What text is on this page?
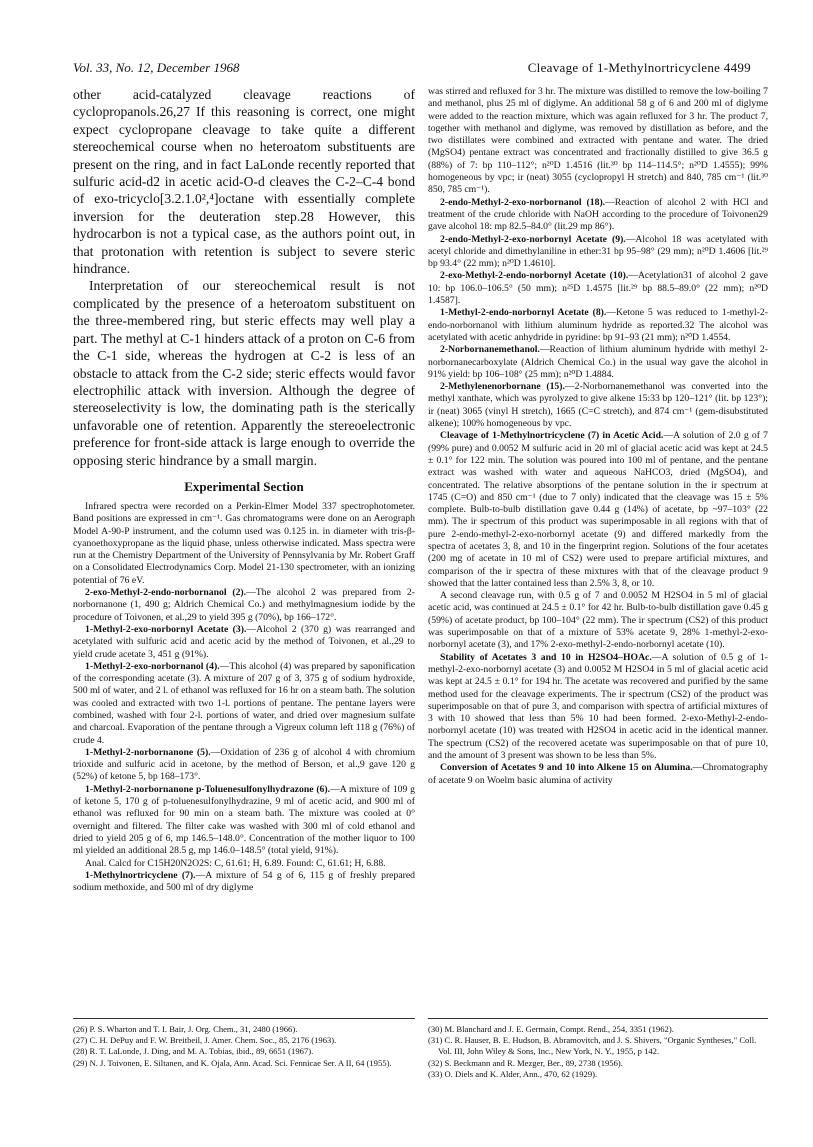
Vol. 33, No. 12, December 1968	Cleavage of 1-Methylnortricyclene 4499

other acid-catalyzed cleavage reactions of cyclopropanols.26,27 If this reasoning is correct, one might expect cyclopropane cleavage to take quite a different stereochemical course when no heteroatom substituents are present on the ring, and in fact LaLonde recently reported that sulfuric acid-d2 in acetic acid-O-d cleaves the C-2–C-4 bond of exo-tricyclo[3.2.1.0²,⁴]octane with essentially complete inversion for the deuteration step.28 However, this hydrocarbon is not a typical case, as the authors point out, in that protonation with retention is subject to severe steric hindrance.

Interpretation of our stereochemical result is not complicated by the presence of a heteroatom substituent on the three-membered ring, but steric effects may well play a part. The methyl at C-1 hinders attack of a proton on C-6 from the C-1 side, whereas the hydrogen at C-2 is less of an obstacle to attack from the C-2 side; steric effects would favor electrophilic attack with inversion. Although the degree of stereoselectivity is low, the dominating path is the sterically unfavorable one of retention. Apparently the stereoelectronic preference for front-side attack is large enough to override the opposing steric hindrance by a small margin.

Experimental Section

Infrared spectra were recorded on a Perkin-Elmer Model 337 spectrophotometer. Band positions are expressed in cm⁻¹. Gas chromatograms were done on an Aerograph Model A-90-P instrument, and the column used was 0.125 in. in diameter with tris-β-cyanoethoxypropane as the liquid phase, unless otherwise indicated. Mass spectra were run at the Chemistry Department of the University of Pennsylvania by Mr. Robert Graff on a Consolidated Electrodynamics Corp. Model 21-130 spectrometer, with an ionizing potential of 76 eV.

2-exo-Methyl-2-endo-norbornanol (2).—The alcohol 2 was prepared from 2-norbornanone (1, 490 g; Aldrich Chemical Co.) and methylmagnesium iodide by the procedure of Toivonen, et al.,29 to yield 395 g (70%), bp 166–172°.

1-Methyl-2-exo-norbornyl Acetate (3).—Alcohol 2 (370 g) was rearranged and acetylated with sulfuric acid and acetic acid by the method of Toivonen, et al.,29 to yield crude acetate 3, 451 g (91%).

1-Methyl-2-exo-norbornanol (4).—This alcohol (4) was prepared by saponification of the corresponding acetate (3). A mixture of 207 g of 3, 375 g of sodium hydroxide, 500 ml of water, and 2 l. of ethanol was refluxed for 16 hr on a steam bath. The solution was cooled and extracted with two 1-l. portions of pentane. The pentane layers were combined, washed with four 2-l. portions of water, and dried over magnesium sulfate and charcoal. Evaporation of the pentane through a Vigreux column left 118 g (76%) of crude 4.

1-Methyl-2-norbornanone (5).—Oxidation of 236 g of alcohol 4 with chromium trioxide and sulfuric acid in acetone, by the method of Berson, et al.,9 gave 120 g (52%) of ketone 5, bp 168–173°.

1-Methyl-2-norbornanone p-Toluenesulfonylhydrazone (6).—A mixture of 109 g of ketone 5, 170 g of p-toluenesulfonylhydrazine, 9 ml of acetic acid, and 900 ml of ethanol was refluxed for 90 min on a steam bath. The mixture was cooled at 0° overnight and filtered. The filter cake was washed with 300 ml of cold ethanol and dried to yield 205 g of 6, mp 146.5–148.0°. Concentration of the mother liquor to 100 ml yielded an additional 28.5 g, mp 146.0–148.5° (total yield, 91%).

Anal. Calcd for C15H20N2O2S: C, 61.61; H, 6.89. Found: C, 61.61; H, 6.88.

1-Methylnortricyclene (7).—A mixture of 54 g of 6, 115 g of freshly prepared sodium methoxide, and 500 ml of dry diglyme

was stirred and refluxed for 3 hr. The mixture was distilled to remove the low-boiling 7 and methanol, plus 25 ml of diglyme. An additional 58 g of 6 and 200 ml of diglyme were added to the reaction mixture, which was again refluxed for 3 hr. The product 7, together with methanol and diglyme, was removed by distillation as before, and the two distillates were combined and extracted with pentane and water. The dried (MgSO4) pentane extract was concentrated and fractionally distilled to give 36.5 g (88%) of 7: bp 110–112°; n²⁰D 1.4516 (lit.³⁰ bp 114–114.5°; n²⁰D 1.4555); 99% homogeneous by vpc; ir (neat) 3055 (cyclopropyl H stretch) and 840, 785 cm⁻¹ (lit.³⁰ 850, 785 cm⁻¹).

2-endo-Methyl-2-exo-norbornanol (18).—Reaction of alcohol 2 with HCl and treatment of the crude chloride with NaOH according to the procedure of Toivonen29 gave alcohol 18: mp 82.5–84.0° (lit.29 mp 86°).

2-endo-Methyl-2-exo-norbornyl Acetate (9).—Alcohol 18 was acetylated with acetyl chloride and dimethylaniline in ether:31 bp 95–98° (29 mm); n²⁰D 1.4606 [lit.²⁹ bp 93.4° (22 mm); n²⁰D 1.4610].

2-exo-Methyl-2-endo-norbornyl Acetate (10).—Acetylation31 of alcohol 2 gave 10: bp 106.0–106.5° (50 mm); n²⁵D 1.4575 [lit.²⁹ bp 88.5–89.0° (22 mm); n²⁰D 1.4587].

1-Methyl-2-endo-norbornyl Acetate (8).—Ketone 5 was reduced to 1-methyl-2-endo-norbornanol with lithium aluminum hydride as reported.32 The alcohol was acetylated with acetic anhydride in pyridine: bp 91–93 (21 mm); n²⁰D 1.4554.

2-Norbornanemethanol.—Reaction of lithium aluminum hydride with methyl 2-norbornanecarboxylate (Aldrich Chemical Co.) in the usual way gave the alcohol in 91% yield: bp 106–108° (25 mm); n²⁰D 1.4884.

2-Methylenenorbornane (15).—2-Norbornanemethanol was converted into the methyl xanthate, which was pyrolyzed to give alkene 15:33 bp 120–121° (lit. bp 123°); ir (neat) 3065 (vinyl H stretch), 1665 (C=C stretch), and 874 cm⁻¹ (gem-disubstituted alkene); 100% homogeneous by vpc.

Cleavage of 1-Methylnortricyclene (7) in Acetic Acid.—A solution of 2.0 g of 7 (99% pure) and 0.0052 M sulfuric acid in 20 ml of glacial acetic acid was kept at 24.5 ± 0.1° for 122 min. The solution was poured into 100 ml of pentane, and the pentane extract was washed with water and aqueous NaHCO3, dried (MgSO4), and concentrated. The relative absorptions of the pentane solution in the ir spectrum at 1745 (C=O) and 850 cm⁻¹ (due to 7 only) indicated that the cleavage was 15 ± 5% complete. Bulb-to-bulb distillation gave 0.44 g (14%) of acetate, bp ~97–103° (22 mm). The ir spectrum of this product was superimposable in all regions with that of pure 2-endo-methyl-2-exo-norbornyl acetate (9) and differed markedly from the spectra of acetates 3, 8, and 10 in the fingerprint region. Solutions of the four acetates (200 mg of acetate in 10 ml of CS2) were used to prepare artificial mixtures, and comparison of the ir spectra of these mixtures with that of the cleavage product 9 showed that the latter contained less than 2.5% 3, 8, or 10.

A second cleavage run, with 0.5 g of 7 and 0.0052 M H2SO4 in 5 ml of glacial acetic acid, was continued at 24.5 ± 0.1° for 42 hr. Bulb-to-bulb distillation gave 0.45 g (59%) of acetate product, bp 100–104° (22 mm). The ir spectrum (CS2) of this product was superimposable on that of a mixture of 53% acetate 9, 28% 1-methyl-2-exo-norbornyl acetate (3), and 17% 2-exo-methyl-2-endo-norbornyl acetate (10).

Stability of Acetates 3 and 10 in H2SO4–HOAc.—A solution of 0.5 g of 1-methyl-2-exo-norbornyl acetate (3) and 0.0052 M H2SO4 in 5 ml of glacial acetic acid was kept at 24.5 ± 0.1° for 194 hr. The acetate was recovered and purified by the same method used for the cleavage experiments. The ir spectrum (CS2) of the product was superimposable on that of pure 3, and comparison with spectra of artificial mixtures of 3 with 10 showed that less than 5% 10 had been formed. 2-exo-Methyl-2-endo-norbornyl acetate (10) was treated with H2SO4 in acetic acid in the identical manner. The spectrum (CS2) of the recovered acetate was superimposable on that of pure 10, and the amount of 3 present was shown to be less than 5%.

Conversion of Acetates 9 and 10 into Alkene 15 on Alumina.—Chromatography of acetate 9 on Woelm basic alumina of activity

(26) P. S. Wharton and T. I. Bair, J. Org. Chem., 31, 2480 (1966).

(27) C. H. DePuy and F. W. Breitbeil, J. Amer. Chem. Soc., 85, 2176 (1963).

(28) R. T. LaLonde, J. Ding, and M. A. Tobias, ibid., 89, 6651 (1967).

(29) N. J. Toivonen, E. Siltanen, and K. Ojala, Ann. Acad. Sci. Fennicae Ser. A II, 64 (1955).

(30) M. Blanchard and J. E. Germain, Compt. Rend., 254, 3351 (1962).

(31) C. R. Hauser, B. E. Hudson, B. Abramovitch, and J. S. Shivers, "Organic Syntheses," Coll. Vol. III, John Wiley & Sons, Inc., New York, N. Y., 1955, p 142.

(32) S. Beckmann and R. Mezger, Ber., 89, 2738 (1956).

(33) O. Diels and K. Alder, Ann., 470, 62 (1929).
